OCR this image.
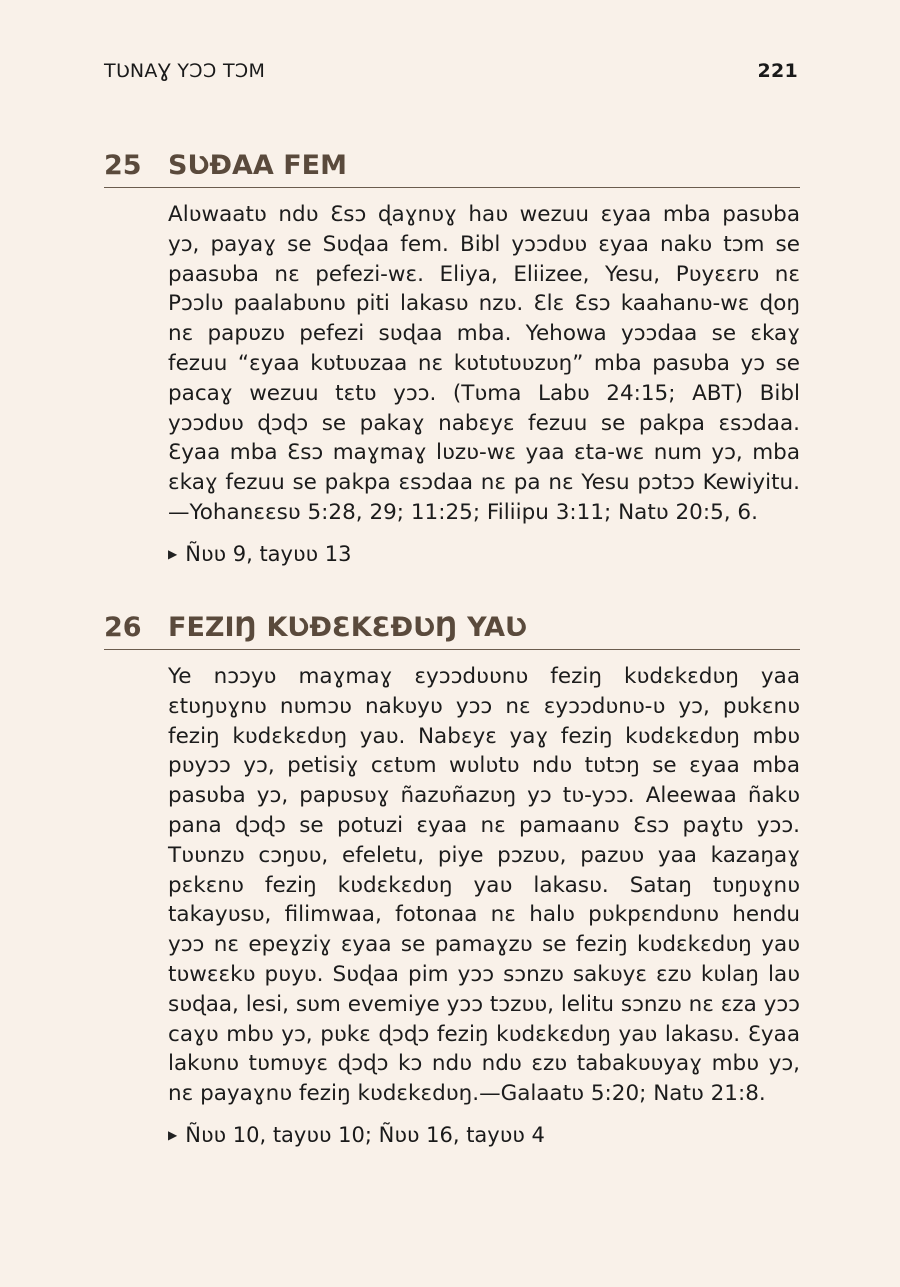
TƲNAƔ YƆƆ TƆM	221
25 SƲƉAA FEM
Alʋwaatʋ ndʋ Ɛsɔ ɖaɣnʋɣ haʋ wezuu ɛyaa mba pasʋba yɔ, payaɣ se Sʋɖaa fem. Bibl yɔɔdʋʋ ɛyaa nakʋ tɔm se paasʋba nɛ pefezi-wɛ. Eliya, Eliizee, Yesu, Pʋyɛɛrʋ nɛ Pɔɔlʋ paalabʋnʋ piti lakasʋ nzʋ. Ɛlɛ Ɛsɔ kaahanʋ-wɛ ɖoŋ nɛ papʋzʋ pefezi sʋɖaa mba. Yehowa yɔɔdaa se ɛkaɣ fezuu “ɛyaa kʋtʋʋzaa nɛ kʋtʋtʋʋzʋŋ” mba pasʋba yɔ se pacaɣ wezuu tɛtʋ yɔɔ. (Tʋma Labʋ 24:15; ABT) Bibl yɔɔdʋʋ ɖɔɖɔ se pakaɣ nabɛyɛ fezuu se pakpa ɛsɔdaa. Ɛyaa mba Ɛsɔ maɣmaɣ lʋzʋ-wɛ yaa ɛta-wɛ num yɔ, mba ɛkaɣ fezuu se pakpa ɛsɔdaa nɛ pa nɛ Yesu pɔtɔɔ Kewiyitu.—Yohanɛɛsʋ 5:28, 29; 11:25; Filiipu 3:11; Natʋ 20:5, 6.
▶ Ñʋʋ 9, tayʋʋ 13
26 FEZIŊ KƲƉƐKƐƉƲŊ YAƲ
Ye nɔɔyʋ maɣmaɣ ɛyɔɔdʋʋnʋ feziŋ kʋdɛkɛdʋŋ yaa ɛtʋŋʋɣnʋ nʋmɔʋ nakʋyʋ yɔɔ nɛ ɛyɔɔdʋnʋ-ʋ yɔ, pʋkɛnʋ feziŋ kʋdɛkɛdʋŋ yaʋ. Nabɛyɛ yaɣ feziŋ kʋdɛkɛdʋŋ mbʋ pʋyɔɔ yɔ, petisiɣ cɛtʋm wʋlʋtʋ ndʋ tʋtɔŋ se ɛyaa mba pasʋba yɔ, papʋsʋɣ ñazʋñazʋŋ yɔ tʋ-yɔɔ. Aleewaa ñakʋ pana ɖɔɖɔ se potuzi ɛyaa nɛ pamaanʋ Ɛsɔ paɣtʋ yɔɔ. Tʋʋnzʋ cɔŋʋʋ, efeletu, piye pɔzʋʋ, pazʋʋ yaa kazaŋaɣ pɛkɛnʋ feziŋ kʋdɛkɛdʋŋ yaʋ lakasʋ. Sataŋ tʋŋʋɣnʋ takayʋsʋ, filimwaa, fotonaa nɛ halʋ pʋkpɛndʋnʋ hendu yɔɔ nɛ epeɣziɣ ɛyaa se pamaɣzʋ se feziŋ kʋdɛkɛdʋŋ yaʋ tʋwɛɛkʋ pʋyʋ. Sʋɖaa pim yɔɔ sɔnzʋ sakʋyɛ ɛzʋ kʋlaŋ laʋ sʋɖaa, lesi, sʋm evemiye yɔɔ tɔzʋʋ, lelitu sɔnzʋ nɛ ɛza yɔɔ caɣʋ mbʋ yɔ, pʋkɛ ɖɔɖɔ feziŋ kʋdɛkɛdʋŋ yaʋ lakasʋ. Ɛyaa lakʋnʋ tʋmʋyɛ ɖɔɖɔ kɔ ndʋ ndʋ ɛzʋ tabakʋʋyaɣ mbʋ yɔ, nɛ payaɣnʋ feziŋ kʋdɛkɛdʋŋ.—Galaatʋ 5:20; Natʋ 21:8.
▶ Ñʋʋ 10, tayʋʋ 10; Ñʋʋ 16, tayʋʋ 4
